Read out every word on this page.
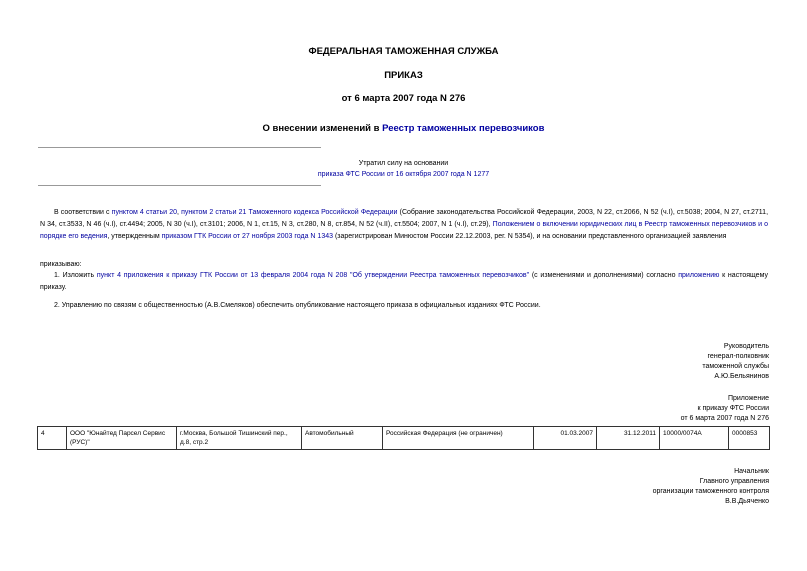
ФЕДЕРАЛЬНАЯ ТАМОЖЕННАЯ СЛУЖБА
ПРИКАЗ
от 6 марта 2007 года N 276
О внесении изменений в Реестр таможенных перевозчиков
Утратил силу на основании
приказа ФТС России от 16 октября 2007 года N 1277
В соответствии с пунктом 4 статьи 20, пунктом 2 статьи 21 Таможенного кодекса Российской Федерации (Собрание законодательства Российской Федерации, 2003, N 22, ст.2066, N 52 (ч.I), ст.5038; 2004, N 27, ст.2711, N 34, ст.3533, N 46 (ч.I), ст.4494; 2005, N 30 (ч.I), ст.3101; 2006, N 1, ст.15, N 3, ст.280, N 8, ст.854, N 52 (ч.II), ст.5504; 2007, N 1 (ч.I), ст.29), Положением о включении юридических лиц в Реестр таможенных перевозчиков и о порядке его ведения, утвержденным приказом ГТК России от 27 ноября 2003 года N 1343 (зарегистрирован Минюстом России 22.12.2003, рег. N 5354), и на основании представленного организацией заявления
приказываю:
1. Изложить пункт 4 приложения к приказу ГТК России от 13 февраля 2004 года N 208 "Об утверждении Реестра таможенных перевозчиков" (с изменениями и дополнениями) согласно приложению к настоящему приказу.
2. Управлению по связям с общественностью (А.В.Смеляков) обеспечить опубликование настоящего приказа в официальных изданиях ФТС России.
Руководитель
генерал-полковник
таможенной службы
А.Ю.Бельянинов
Приложение
к приказу ФТС России
от 6 марта 2007 года N 276
4	ООО "Юнайтед Парсел Сервис (РУС)"	г.Москва, Большой Тишинский пер., д.8, стр.2	Автомобильный	Российская Федерация (не ограничен)	01.03.2007	31.12.2011	10000/0074А	0000853
Начальник
Главного управления
организации таможенного контроля
В.В.Дьяченко
